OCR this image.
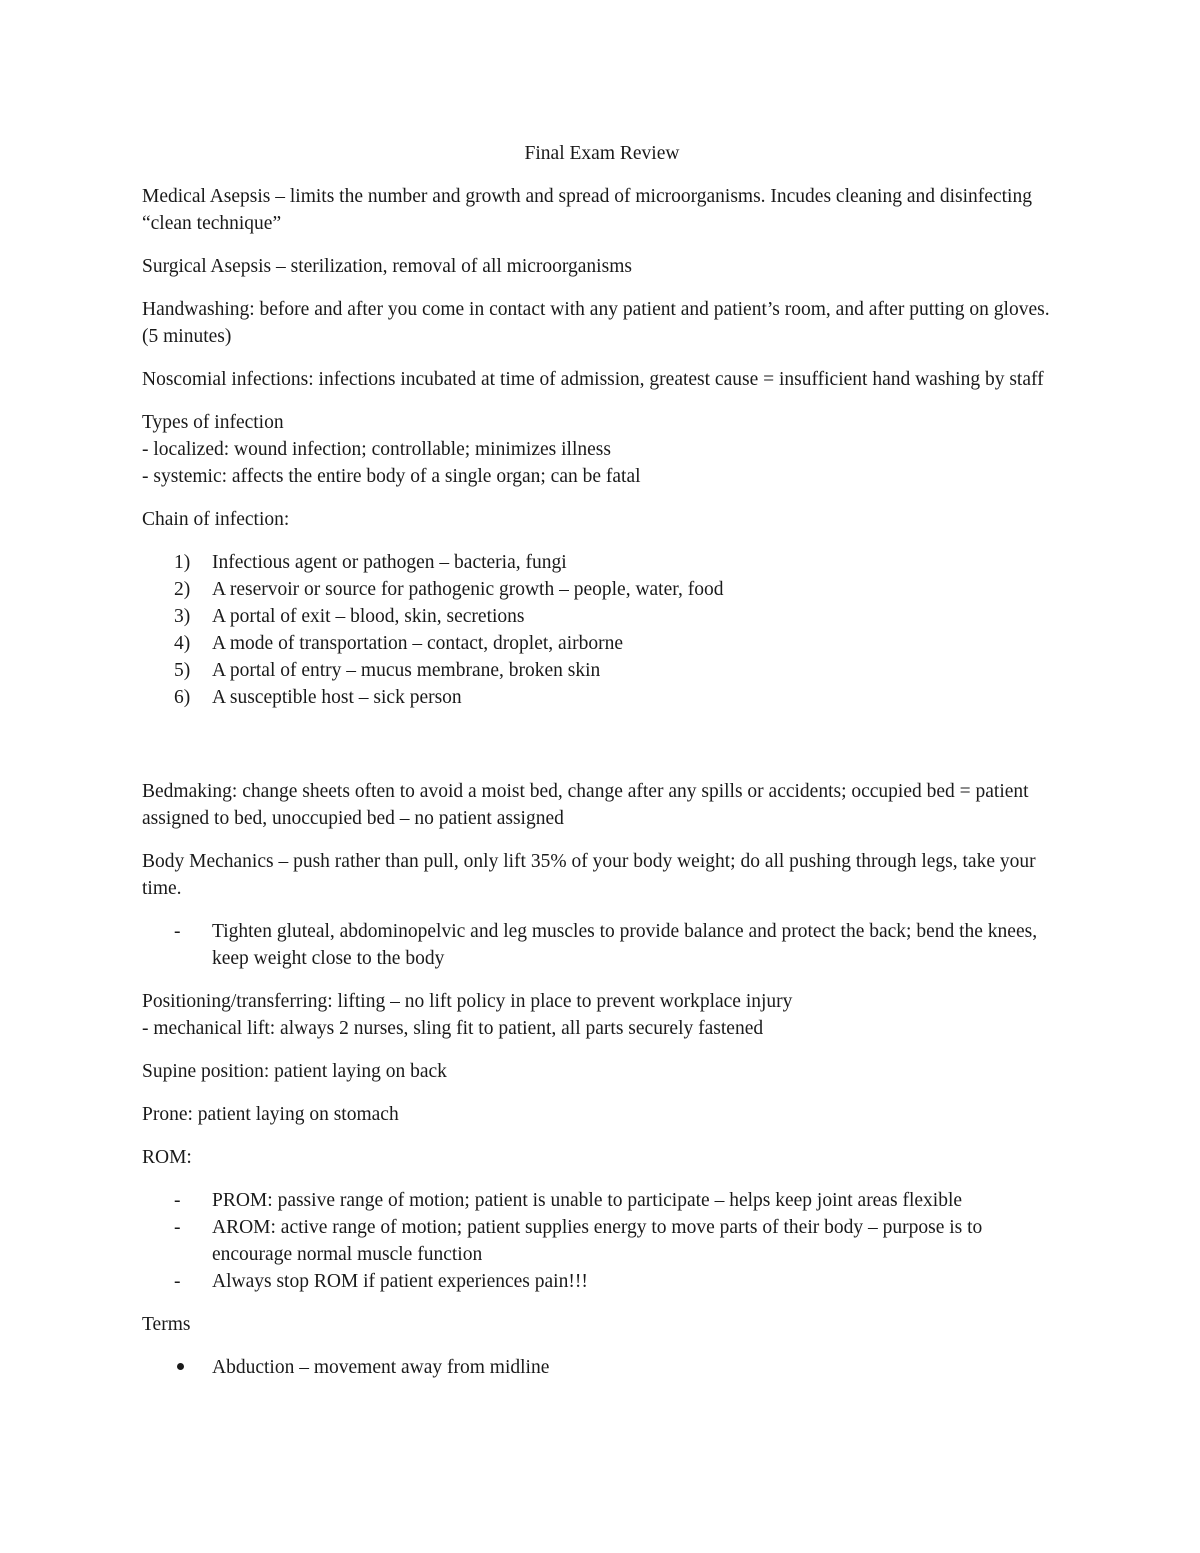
Final Exam Review

Medical Asepsis – limits the number and growth and spread of microorganisms. Incudes cleaning and disinfecting “clean technique”

Surgical Asepsis – sterilization, removal of all microorganisms

Handwashing: before and after you come in contact with any patient and patient’s room, and after putting on gloves. (5 minutes)

Noscomial infections: infections incubated at time of admission, greatest cause = insufficient hand washing by staff

Types of infection
- localized: wound infection; controllable; minimizes illness
- systemic: affects the entire body of a single organ; can be fatal

Chain of infection:

1)	Infectious agent or pathogen – bacteria, fungi
2)	A reservoir or source for pathogenic growth – people, water, food
3)	A portal of exit – blood, skin, secretions
4)	A mode of transportation – contact, droplet, airborne
5)	A portal of entry – mucus membrane, broken skin
6)	A susceptible host – sick person

Bedmaking: change sheets often to avoid a moist bed, change after any spills or accidents; occupied bed = patient assigned to bed, unoccupied bed – no patient assigned

Body Mechanics – push rather than pull, only lift 35% of your body weight; do all pushing through legs, take your time.

-	Tighten gluteal, abdominopelvic and leg muscles to provide balance and protect the back; bend the knees, keep weight close to the body

Positioning/transferring: lifting – no lift policy in place to prevent workplace injury
- mechanical lift: always 2 nurses, sling fit to patient, all parts securely fastened

Supine position: patient laying on back

Prone: patient laying on stomach

ROM:

-	PROM: passive range of motion; patient is unable to participate – helps keep joint areas flexible
-	AROM: active range of motion; patient supplies energy to move parts of their body – purpose is to encourage normal muscle function
-	Always stop ROM if patient experiences pain!!!

Terms

Abduction – movement away from midline
